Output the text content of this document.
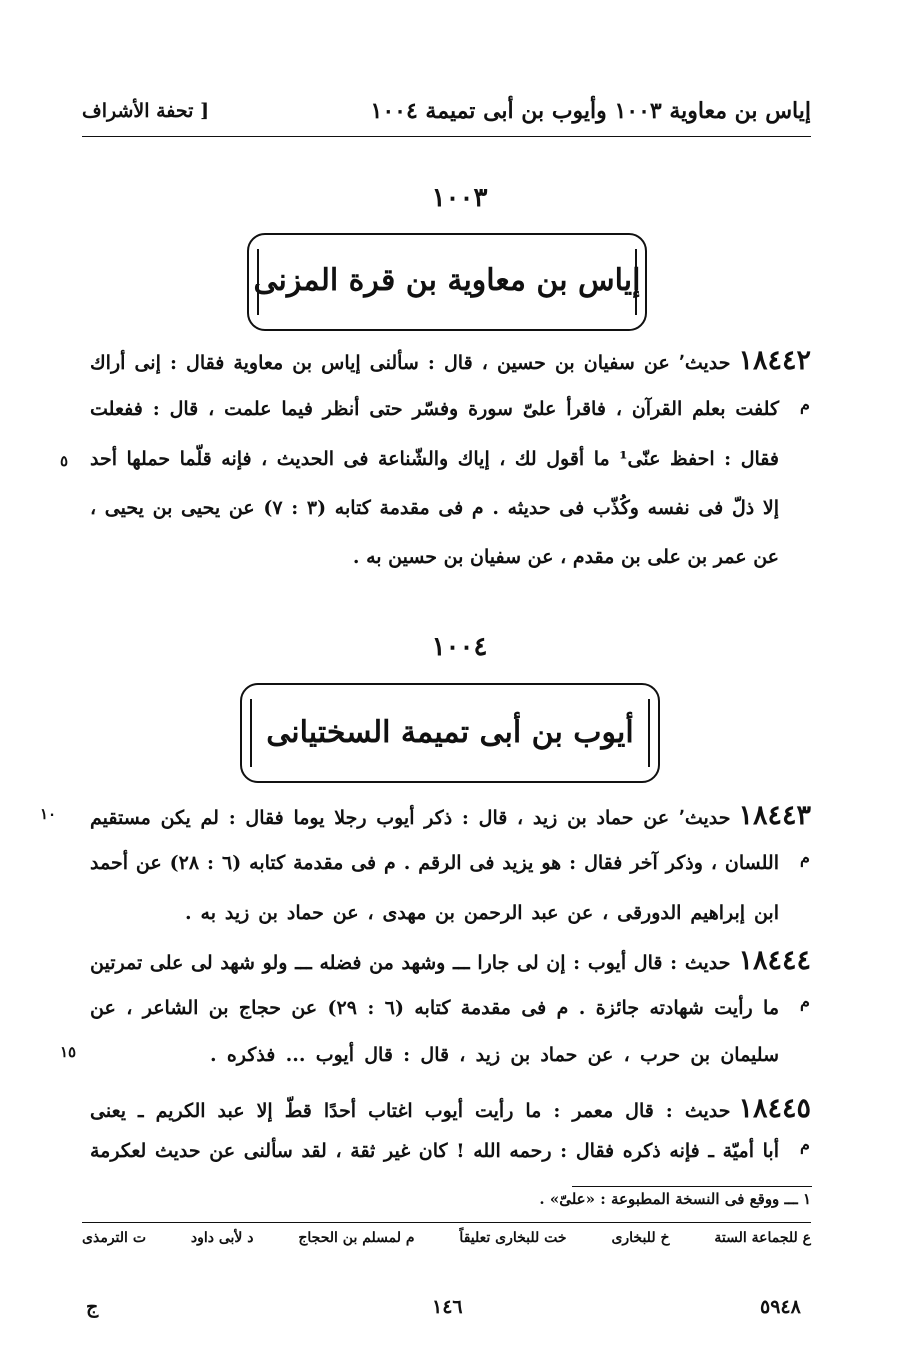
إياس بن معاوية ١٠٠٣ وأيوب بن أبى تميمة ١٠٠٤
[ تحفة الأشراف
١٠٠٣
إياس بن معاوية بن قرة المزنى
١٨٤٤٢حديث٬ عن سفيان بن حسين ، قال : سألنى إياس بن معاوية فقال : إنى أراك
كلفت بعلم القرآن ، فاقرأ علىّ سورة وفسّر حتى أنظر فيما علمت ، قال : ففعلت
فقال : احفظ عنّى¹ ما أقول لك ، إياك والشّناعة فى الحديث ، فإنه قلّما حملها أحد
إلا ذلّ فى نفسه وكُذّب فى حديثه . م فى مقدمة كتابه (٣ : ٧) عن يحيى بن يحيى ،
عن عمر بن على بن مقدم ، عن سفيان بن حسين به .
م
٥
١٠٠٤
أيوب بن أبى تميمة السختيانى
١٨٤٤٣حديث٬ عن حماد بن زيد ، قال : ذكر أيوب رجلا يوما فقال : لم يكن مستقيم
اللسان ، وذكر آخر فقال : هو يزيد فى الرقم . م فى مقدمة كتابه (٦ : ٢٨) عن أحمد
ابن إبراهيم الدورقى ، عن عبد الرحمن بن مهدى ، عن حماد بن زيد به .
١٠
م
١٨٤٤٤حديث : قال أيوب : إن لى جارا ـــ وشهد من فضله ـــ ولو شهد لى على تمرتين
ما رأيت شهادته جائزة . م فى مقدمة كتابه (٦ : ٢٩) عن حجاج بن الشاعر ، عن
سليمان بن حرب ، عن حماد بن زيد ، قال : قال أيوب ... فذكره .
م
١٥
١٨٤٤٥حديث : قال معمر : ما رأيت أيوب اغتاب أحدًا قطّ إلا عبد الكريم ـ يعنى
أبا أميّة ـ فإنه ذكره فقال : رحمه الله ! كان غير ثقة ، لقد سألنى عن حديث لعكرمة م
١ ـــ ووقع فى النسخة المطبوعة : «علىّ» .
ع للجماعة الستة
خ للبخارى
خت للبخارى تعليقاً
م لمسلم بن الحجاج
د لأبى داود
ت الترمذى
ج	١٤٦	٥٩٤٨
